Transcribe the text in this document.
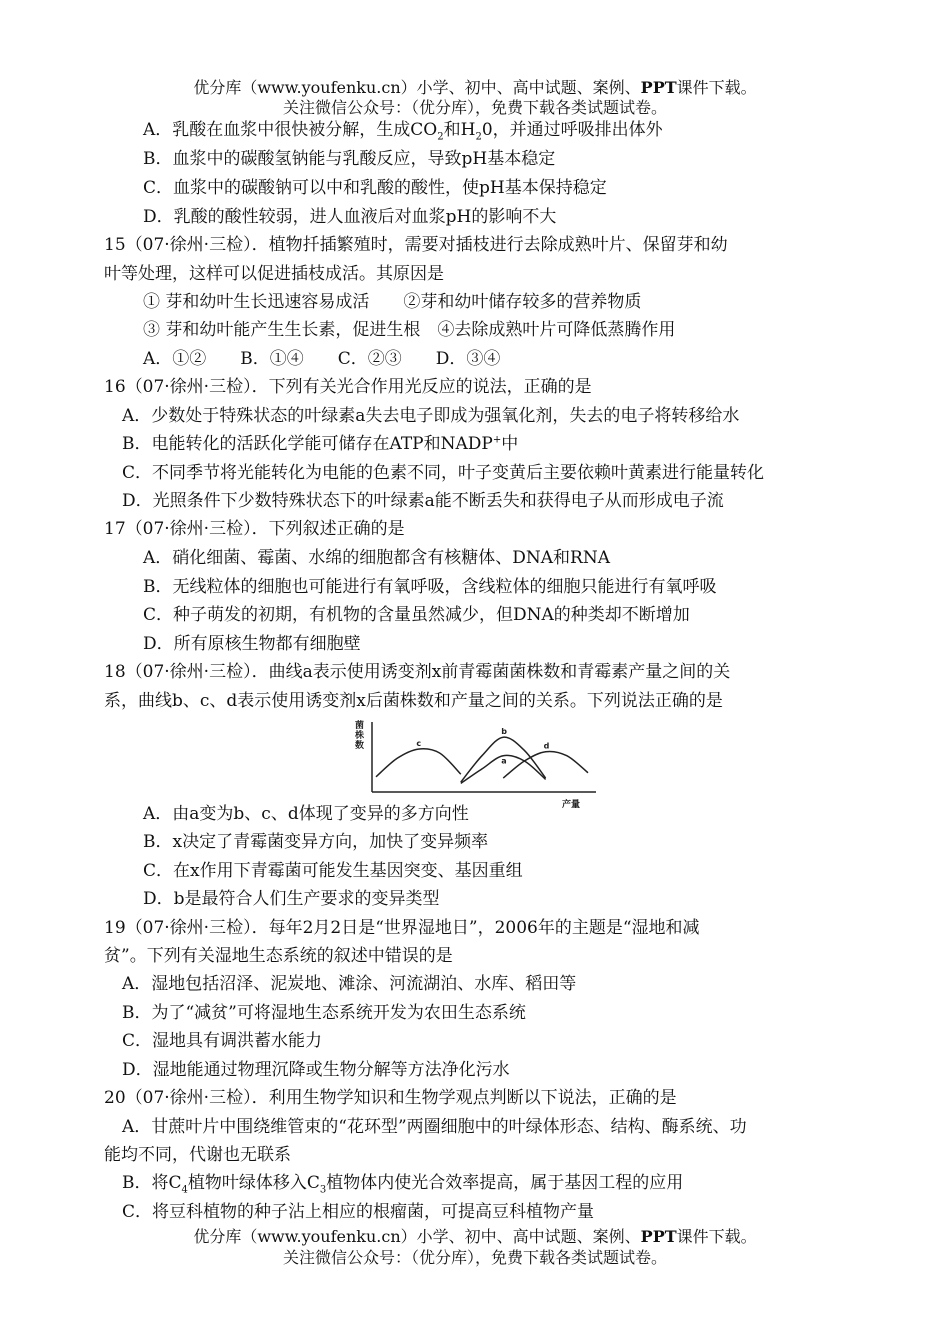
优分库（www.youfenku.cn）小学、初中、高中试题、案例、PPT课件下载。
关注微信公众号：（优分库），免费下载各类试题试卷。
A．乳酸在血浆中很快被分解，生成$CO_2$和$H_20$，并通过呼吸排出体外
B．血浆中的碳酸氢钠能与乳酸反应，导致pH基本稳定
C．血浆中的碳酸钠可以中和乳酸的酸性，使pH基本保持稳定
D．乳酸的酸性较弱，进人血液后对血浆pH的影响不大
15（07·徐州·三检）．植物扦插繁殖时，需要对插枝进行去除成熟叶片、保留芽和幼
叶等处理，这样可以促进插枝成活。其原因是
① 芽和幼叶生长迅速容易成活　　②芽和幼叶储存较多的营养物质
③ 芽和幼叶能产生生长素，促进生根　④去除成熟叶片可降低蒸腾作用
A．①②　　B．①④　　C．②③　　D．③④
16（07·徐州·三检）．下列有关光合作用光反应的说法，正确的是
A．少数处于特殊状态的叶绿素a失去电子即成为强氧化剂，失去的电子将转移给水
B．电能转化的活跃化学能可储存在ATP和NADP+中
C．不同季节将光能转化为电能的色素不同，叶子变黄后主要依赖叶黄素进行能量转化
D．光照条件下少数特殊状态下的叶绿素a能不断丢失和获得电子从而形成电子流
17（07·徐州·三检）．下列叙述正确的是
A．硝化细菌、霉菌、水绵的细胞都含有核糖体、DNA和RNA
B．无线粒体的细胞也可能进行有氧呼吸，含线粒体的细胞只能进行有氧呼吸
C．种子萌发的初期，有机物的含量虽然减少，但DNA的种类却不断增加
D．所有原核生物都有细胞壁
18（07·徐州·三检）．曲线a表示使用诱变剂x前青霉菌菌株数和青霉素产量之间的关
系，曲线b、c、d表示使用诱变剂x后菌株数和产量之间的关系。下列说法正确的是
菌株数
产量
a
b
c	d
A．由a变为b、c、d体现了变异的多方向性
B．x决定了青霉菌变异方向，加快了变异频率
C．在x作用下青霉菌可能发生基因突变、基因重组
D．b是最符合人们生产要求的变异类型
19（07·徐州·三检）．每年2月2日是“世界湿地日”，2006年的主题是“湿地和减
贫”。下列有关湿地生态系统的叙述中错误的是
A．湿地包括沼泽、泥炭地、滩涂、河流湖泊、水库、稻田等
B．为了“减贫”可将湿地生态系统开发为农田生态系统
C．湿地具有调洪蓄水能力
D．湿地能通过物理沉降或生物分解等方法净化污水
20（07·徐州·三检）．利用生物学知识和生物学观点判断以下说法，正确的是
A．甘蔗叶片中围绕维管束的“花环型”两圈细胞中的叶绿体形态、结构、酶系统、功
能均不同，代谢也无联系
B．将$C_4$植物叶绿体移入$C_3$植物体内使光合效率提高，属于基因工程的应用
C．将豆科植物的种子沾上相应的根瘤菌，可提高豆科植物产量
优分库（www.youfenku.cn）小学、初中、高中试题、案例、PPT课件下载。
关注微信公众号：（优分库），免费下载各类试题试卷。
